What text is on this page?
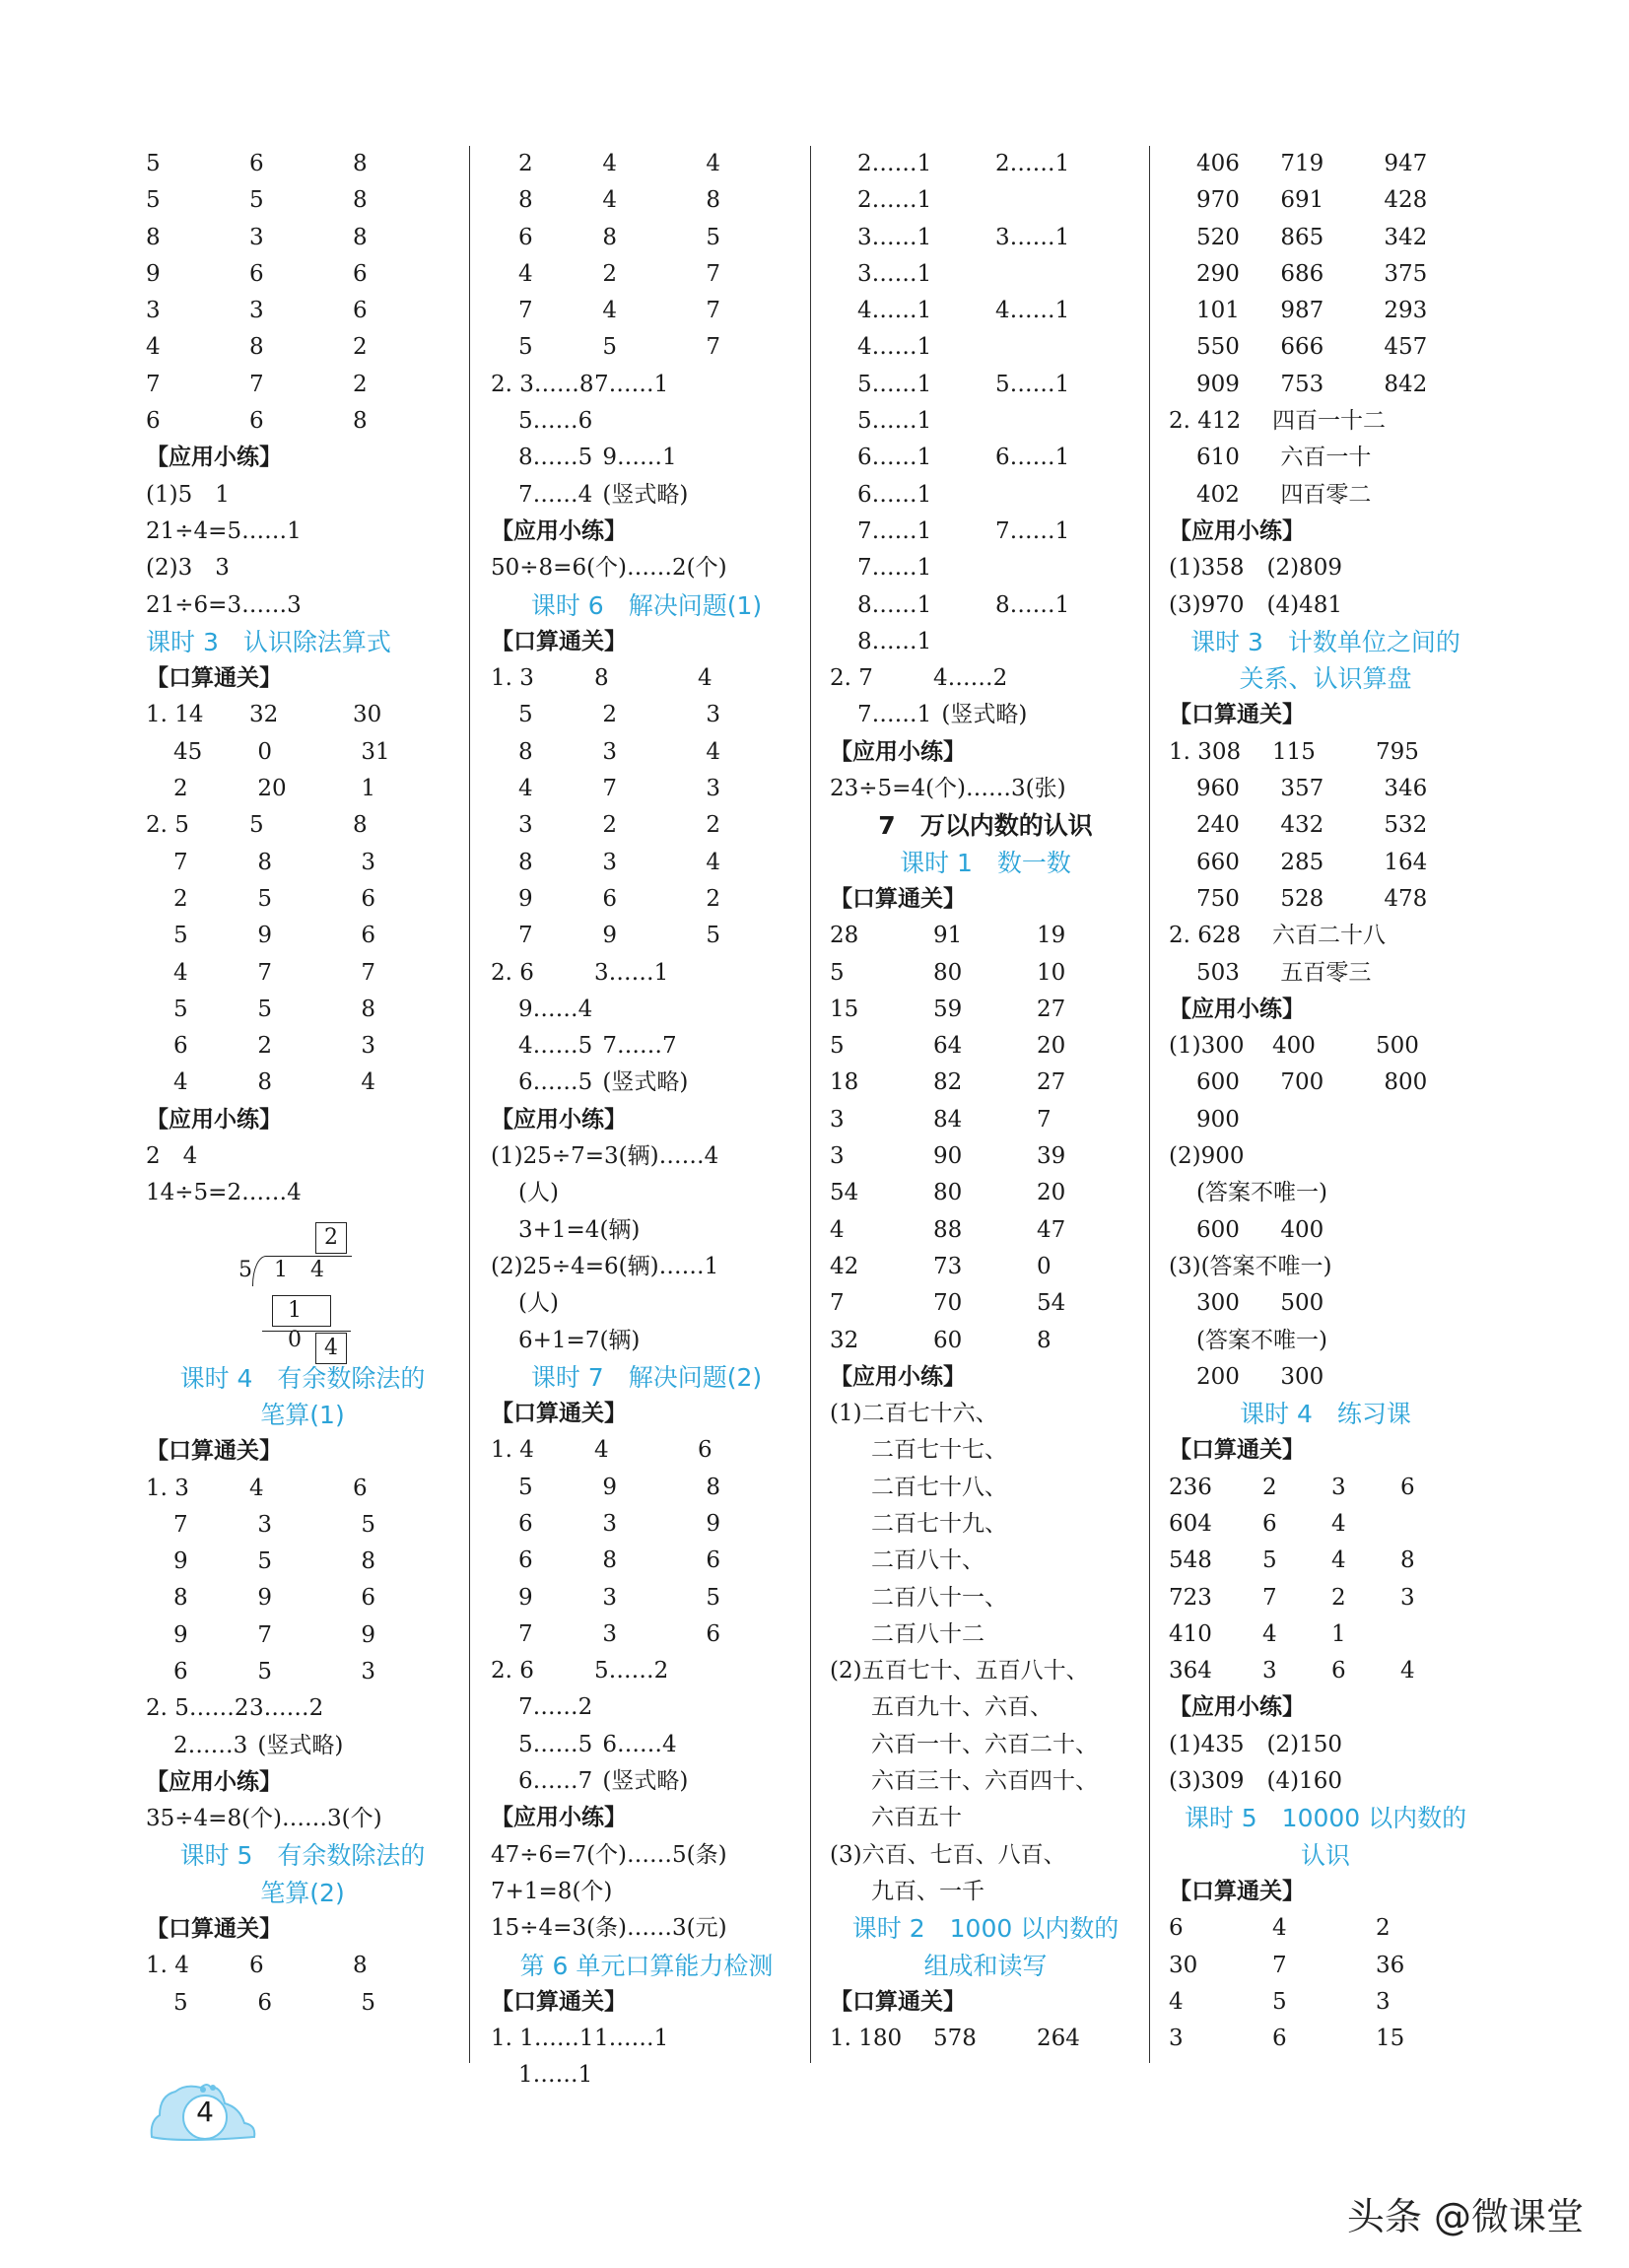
5	6	8
5	5	8
8	3	8
9	6	6
3	3	6
4	8	2
7	7	2
6	6	8
【应用小练】
(1)5　1
21÷4=5……1
(2)3　3
21÷6=3……3
课时 3　认识除法算式
【口算通关】
1. 14 32	30
45 0	31
2	20	1
2. 5	5	8
7	8	3
2	5	6
5	9	6
4	7	7
5	5	8
6	2	3
4	8	4
【应用小练】
2　4
14÷5=2……4
2
5 1 4
1 0 4
课时 4　有余数除法的
笔算(1)
【口算通关】
1. 3	4	6
7	3	5
9	5	8
8	9	6
9	7	9
6	5	3
2. 5……2 3……2
2……3 (竖式略)
【应用小练】
35÷4=8(个)……3(个)
课时 5　有余数除法的
笔算(2)
【口算通关】
1. 4	6	8
5	6	5
2	4	4
8	4	8
6	8	5
4	2	7
7	4	7
5	5	7
2. 3……8 7……1
5……6
8……5 9……1
7……4 (竖式略)
【应用小练】
50÷8=6(个)……2(个)
课时 6　解决问题(1)
【口算通关】
1. 3	8	4
5	2	3
8	3	4
4	7	3
3	2	2
8	3	4
9	6	2
7	9	5
2. 6	3……1
9……4
4……5 7……7
6……5 (竖式略)
【应用小练】
(1)25÷7=3(辆)……4
(人)
3+1=4(辆)
(2)25÷4=6(辆)……1
(人)
6+1=7(辆)
课时 7　解决问题(2)
【口算通关】
1. 4	4	6
5	9	8
6	3	9
6	8	6
9	3	5
7	3	6
2. 6	5……2
7……2
5……5 6……4
6……7 (竖式略)
【应用小练】
47÷6=7(个)……5(条)
7+1=8(个)
15÷4=3(条)……3(元)
第 6 单元口算能力检测
【口算通关】
1. 1……1 1……1
1……1
2……1	2……1
2……1
3……1	3……1
3……1
4……1	4……1
4……1
5……1	5……1
5……1
6……1	6……1
6……1
7……1	7……1
7……1
8……1	8……1
8……1
2. 7	4……2
7……1 (竖式略)
【应用小练】
23÷5=4(个)……3(张)
7　万以内数的认识
课时 1　数一数
【口算通关】
28	91	19
5	80	10
15	59	27
5	64	20
18	82	27
3	84	7
3	90	39
54	80	20
4	88	47
42	73	0
7	70	54
32	60	8
【应用小练】
(1)二百七十六、
二百七十七、
二百七十八、
二百七十九、
二百八十、
二百八十一、
二百八十二
(2)五百七十、五百八十、
五百九十、六百、
六百一十、六百二十、
六百三十、六百四十、
六百五十
(3)六百、七百、八百、
九百、一千
课时 2　1000 以内数的
组成和读写
【口算通关】
1. 180 578	264
406 719	947
970 691	428
520 865	342
290 686	375
101 987	293
550 666	457
909 753	842
2. 412 四百一十二
610 六百一十
402 四百零二
【应用小练】
(1)358　(2)809
(3)970　(4)481
课时 3　计数单位之间的
关系、认识算盘
【口算通关】
1. 308 115	795
960 357	346
240 432	532
660 285	164
750 528	478
2. 628 六百二十八
503 五百零三
【应用小练】
(1)300 400	500
600 700	800
900
(2)900
(答案不唯一)
600 400
(3)(答案不唯一)
300 500
(答案不唯一)
200 300
课时 4　练习课
【口算通关】
236 2 3 6
604 6 4
548 5 4 8
723 7 2 3
410 4 1
364 3 6 4
【应用小练】
(1)435　(2)150
(3)309　(4)160
课时 5　10000 以内数的
认识
【口算通关】
6	4	2
30	7	36
4	5	3
3	6	15
4
头条 @微课堂
